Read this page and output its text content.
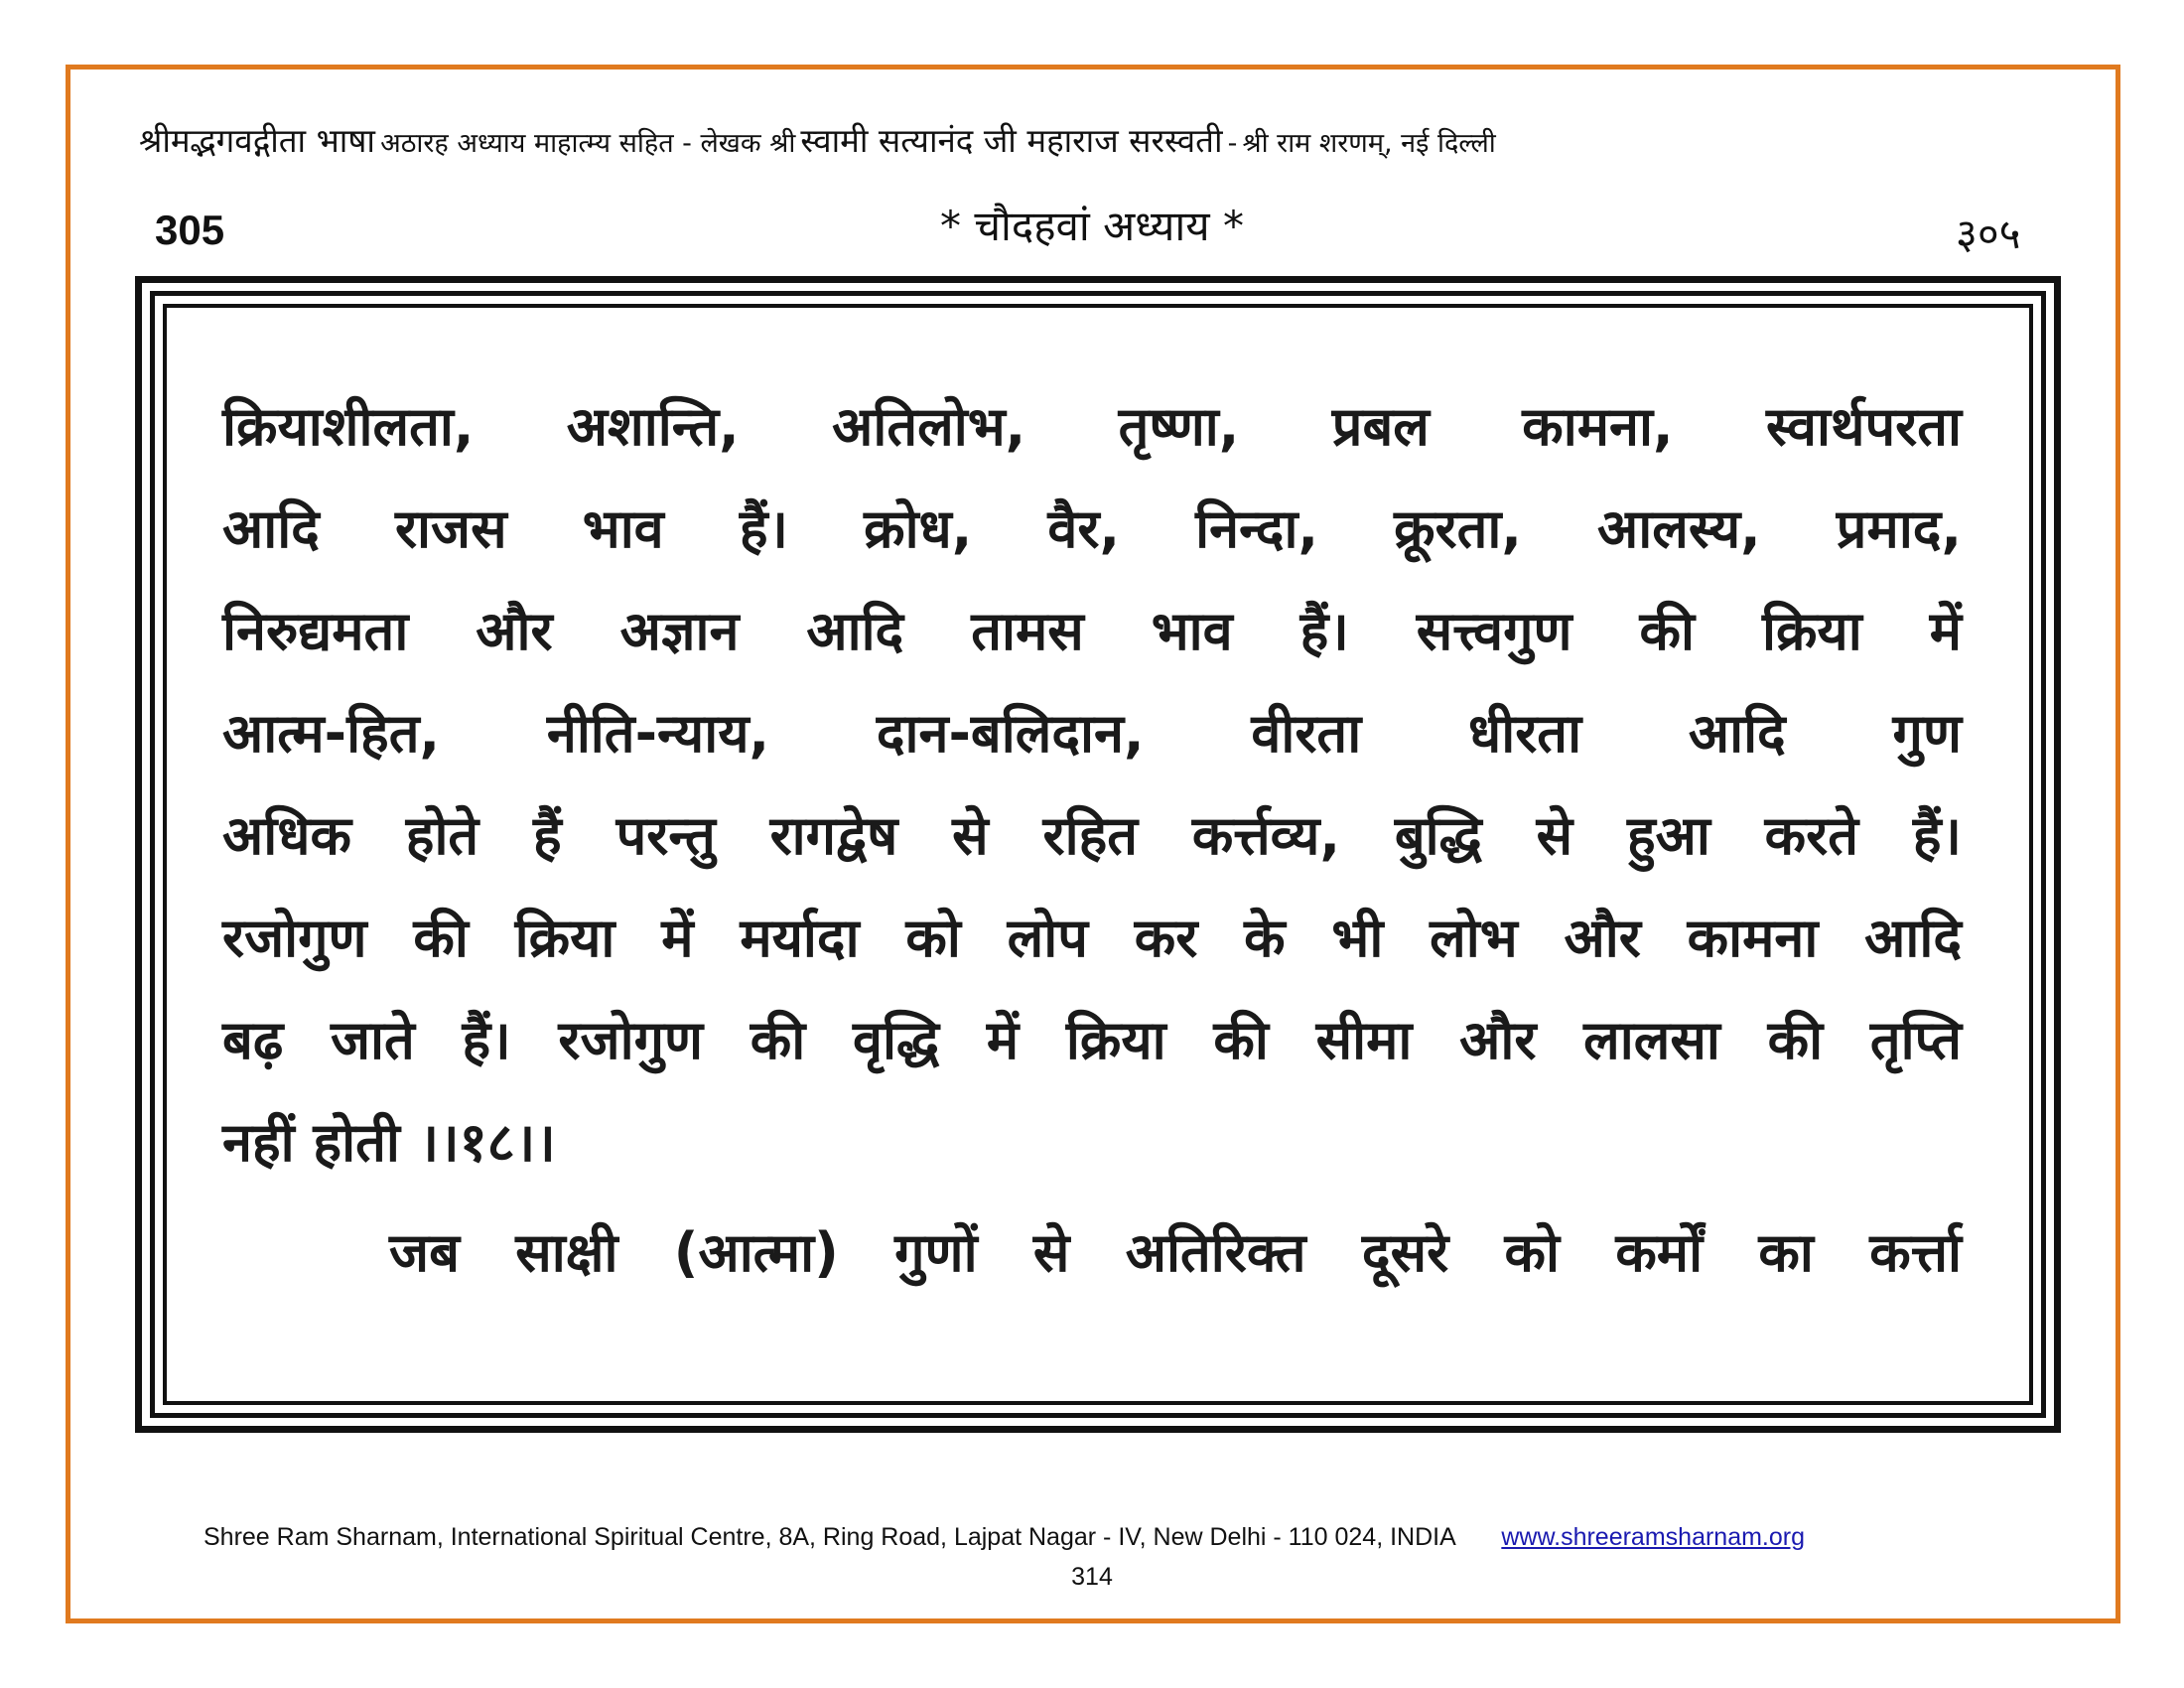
श्रीमद्भगवद्गीता भाषा अठारह अध्याय माहात्म्य सहित - लेखक श्री स्वामी सत्यानंद जी महाराज सरस्वती - श्री राम शरणम्, नई दिल्ली
305	* चौदहवां अध्याय *	३०५
क्रियाशीलता, अशान्ति, अतिलोभ, तृष्णा, प्रबल कामना, स्वार्थपरता
आदि राजस भाव हैं। क्रोध, वैर, निन्दा, क्रूरता, आलस्य, प्रमाद,
निरुद्यमता और अज्ञान आदि तामस भाव हैं। सत्त्वगुण की क्रिया में
आत्म-हित, नीति-न्याय, दान-बलिदान, वीरता धीरता आदि गुण
अधिक होते हैं परन्तु रागद्वेष से रहित कर्त्तव्य, बुद्धि से हुआ करते हैं।
रजोगुण की क्रिया में मर्यादा को लोप कर के भी लोभ और कामना आदि
बढ़ जाते हैं। रजोगुण की वृद्धि में क्रिया की सीमा और लालसा की तृप्ति
नहीं होती ।।१८।।
जब साक्षी (आत्मा) गुणों से अतिरिक्त दूसरे को कर्मों का कर्त्ता
Shree Ram Sharnam, International Spiritual Centre, 8A, Ring Road, Lajpat Nagar - IV, New Delhi - 110 024, INDIA www.shreeramsharnam.org
314
